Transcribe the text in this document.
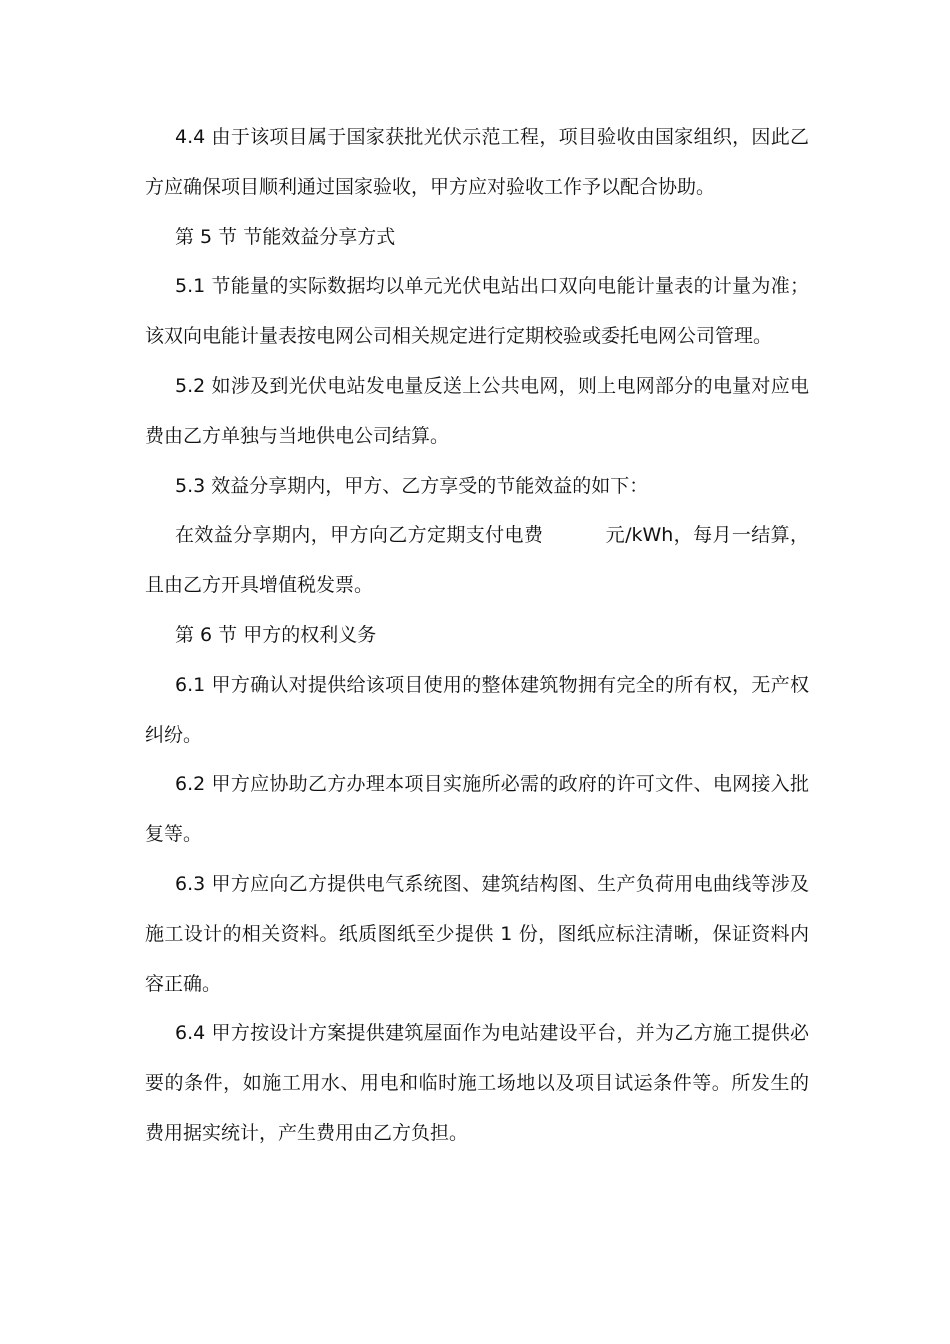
4.4 由于该项目属于国家获批光伏示范工程，项目验收由国家组织，因此乙方应确保项目顺利通过国家验收，甲方应对验收工作予以配合协助。

第 5 节 节能效益分享方式

5.1 节能量的实际数据均以单元光伏电站出口双向电能计量表的计量为准；该双向电能计量表按电网公司相关规定进行定期校验或委托电网公司管理。

5.2 如涉及到光伏电站发电量反送上公共电网，则上电网部分的电量对应电费由乙方单独与当地供电公司结算。

5.3 效益分享期内，甲方、乙方享受的节能效益的如下：

在效益分享期内，甲方向乙方定期支付电费	元/kWh，每月一结算，且由乙方开具增值税发票。

第 6 节 甲方的权利义务

6.1 甲方确认对提供给该项目使用的整体建筑物拥有完全的所有权，无产权纠纷。

6.2 甲方应协助乙方办理本项目实施所必需的政府的许可文件、电网接入批复等。

6.3 甲方应向乙方提供电气系统图、建筑结构图、生产负荷用电曲线等涉及施工设计的相关资料。纸质图纸至少提供 1 份，图纸应标注清晰，保证资料内容正确。

6.4 甲方按设计方案提供建筑屋面作为电站建设平台，并为乙方施工提供必要的条件，如施工用水、用电和临时施工场地以及项目试运条件等。所发生的费用据实统计，产生费用由乙方负担。
